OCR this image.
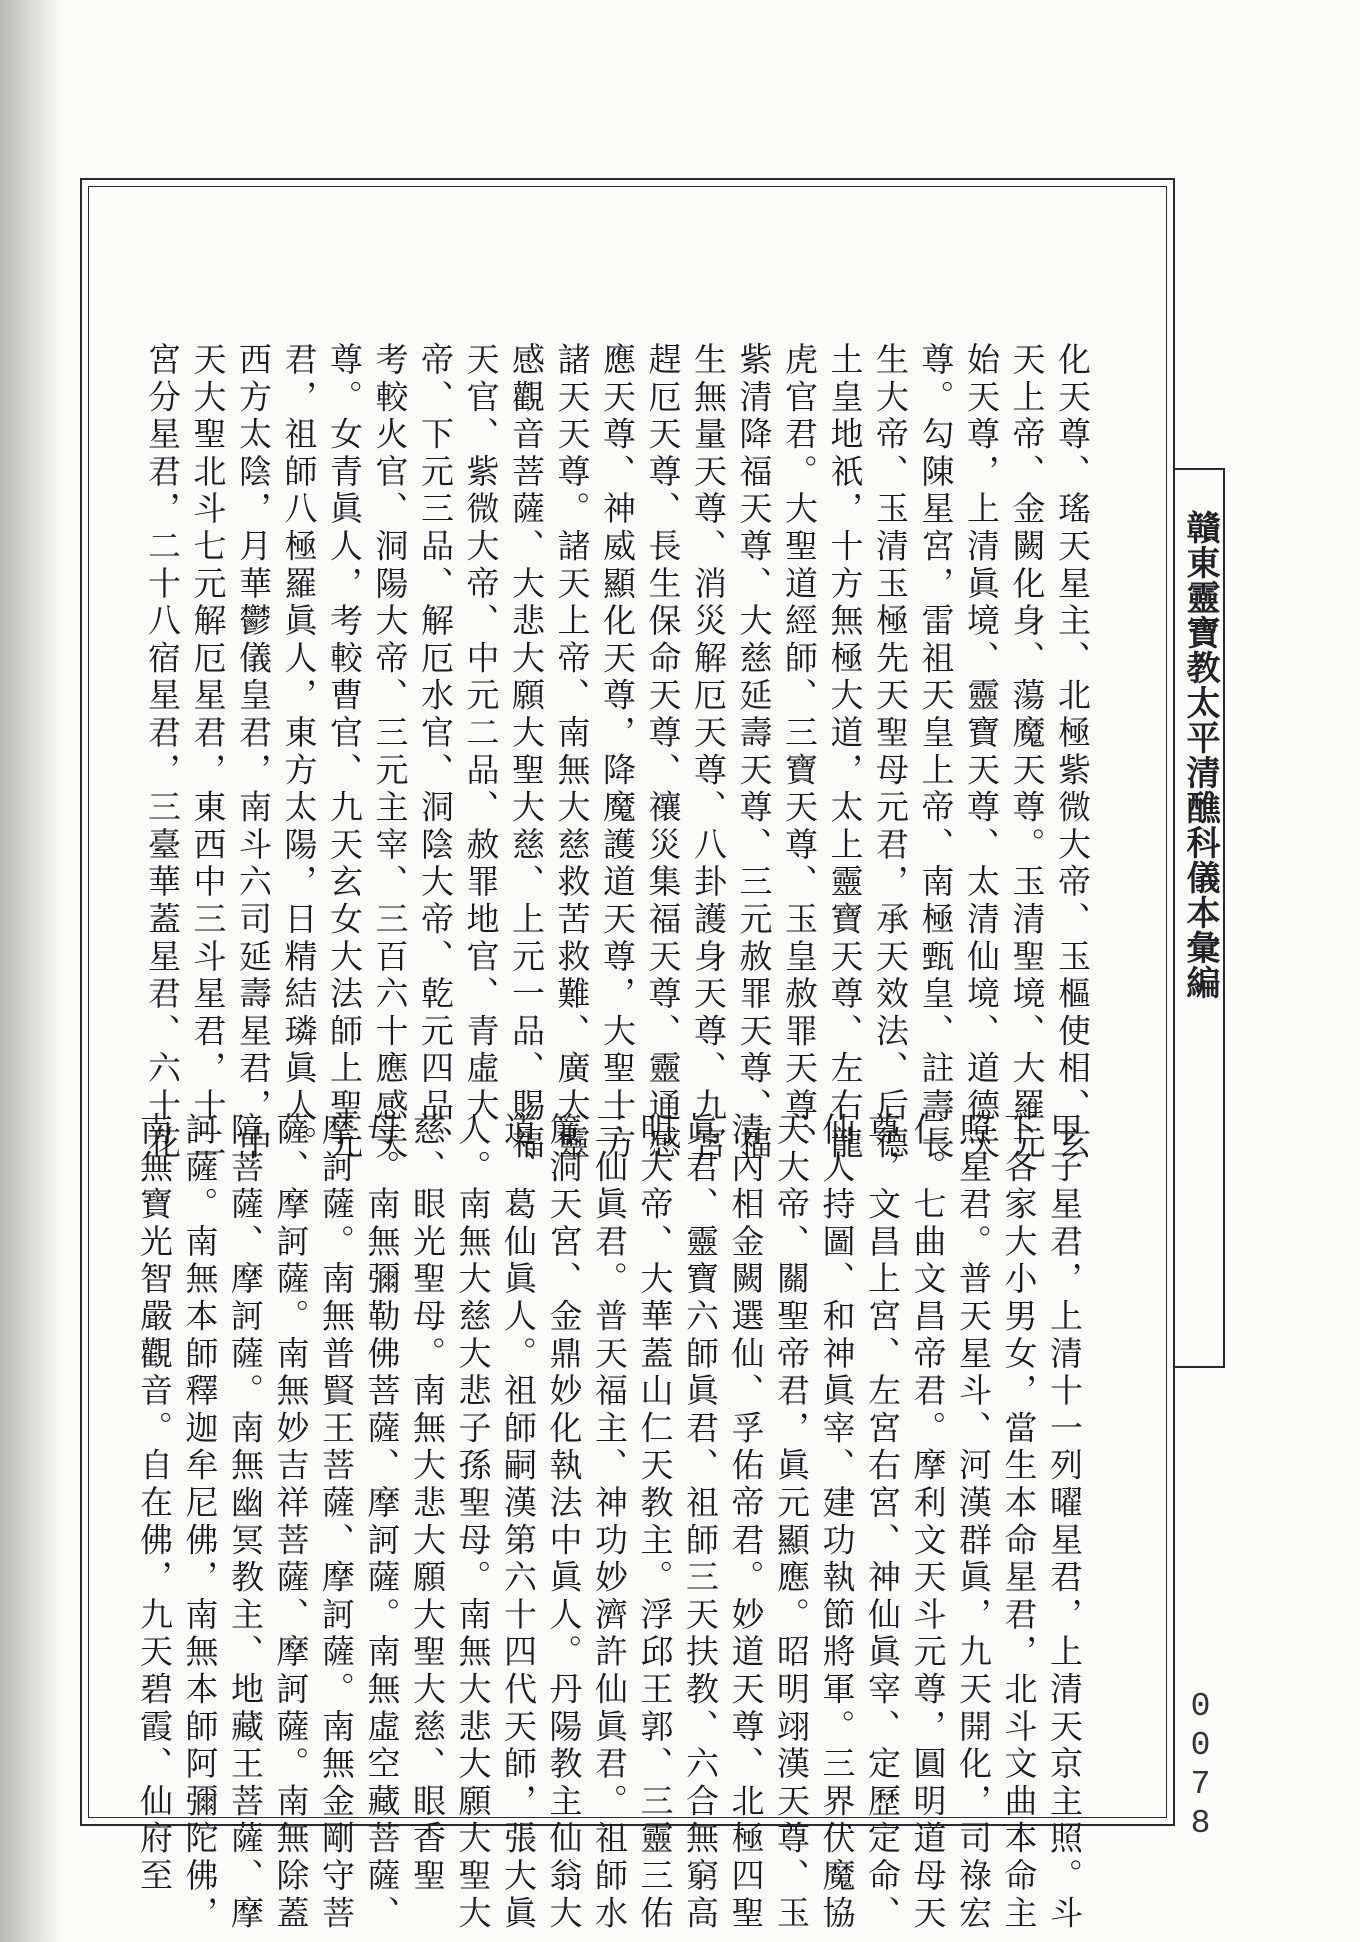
贛東靈寶教太平清醮科儀本彙編
0078
化天尊、瑤天星主、北極紫微大帝、玉樞使相、玄
天上帝、金闕化身、蕩魔天尊。玉清聖境、大羅元
始天尊，上清眞境、靈寶天尊、太清仙境、道德天
尊。勾陳星宮，雷祖天皇上帝、南極甄皇、註壽長
生大帝、玉清玉極先天聖母元君，承天效法、后德
土皇地祇，十方無極大道，太上靈寶天尊、左右龍
虎官君。大聖道經師、三寶天尊、玉皇赦罪天尊、
紫清降福天尊、大慈延壽天尊、三元赦罪天尊、福
生無量天尊、消災解厄天尊、八卦護身天尊、九宮
趕厄天尊、長生保命天尊、禳災集福天尊、靈通感
應天尊、神威顯化天尊，降魔護道天尊，大聖十方
諸天天尊。諸天上帝、南無大慈救苦救難、廣大靈
感觀音菩薩、大悲大願大聖大慈、上元一品、賜福
天官、紫微大帝、中元二品、赦罪地官、青虛大
帝、下元三品、解厄水官、洞陰大帝、乾元四品、
考較火官、洞陽大帝、三元主宰、三百六十應感天
尊。女青眞人，考較曹官、九天玄女大法師上聖元
君，祖師八極羅眞人，東方太陽，日精結璘眞人。
西方太陰，月華鬱儀皇君，南斗六司延壽星君，中
天大聖北斗七元解厄星君，東西中三斗星君，十二
宮分星君，二十八宿星君，三臺華蓋星君、六十花
甲子星君，上清十一列曜星君，上清天京主照。斗
下各家大小男女，當生本命星君，北斗文曲本命主
照星君。普天星斗、河漢群眞，九天開化，司祿宏
仁。七曲文昌帝君。摩利文天斗元尊，圓明道母天
尊，文昌上宮、左宮右宮、神仙眞宰、定歷定命、
仙人持圖、和神眞宰、建功執節將軍。三界伏魔協
天大帝、關聖帝君，眞元顯應。昭明翊漢天尊、玉
清內相金闕選仙、孚佑帝君。妙道天尊、北極四聖
眞君、靈寶六師眞君、祖師三天扶教、六合無窮高
明大帝、大華蓋山仁天教主。浮邱王郭、三靈三佑
三仙眞君。普天福主、神功妙濟許仙眞君。祖師水
簾洞天宮、金鼎妙化執法中眞人。丹陽教主仙翁大
道、葛仙眞人。祖師嗣漢第六十四代天師，張大眞
人。南無大慈大悲子孫聖母。南無大悲大願大聖大
慈、眼光聖母。南無大悲大願大聖大慈、眼香聖
母。南無彌勒佛菩薩、摩訶薩。南無虛空藏菩薩、
摩訶薩。南無普賢王菩薩、摩訶薩。南無金剛守菩
薩、摩訶薩。南無妙吉祥菩薩、摩訶薩。南無除蓋
障菩薩、摩訶薩。南無幽冥教主、地藏王菩薩、摩
訶薩。南無本師釋迦牟尼佛，南無本師阿彌陀佛，
南無寶光智嚴觀音。自在佛，九天碧霞、仙府至
